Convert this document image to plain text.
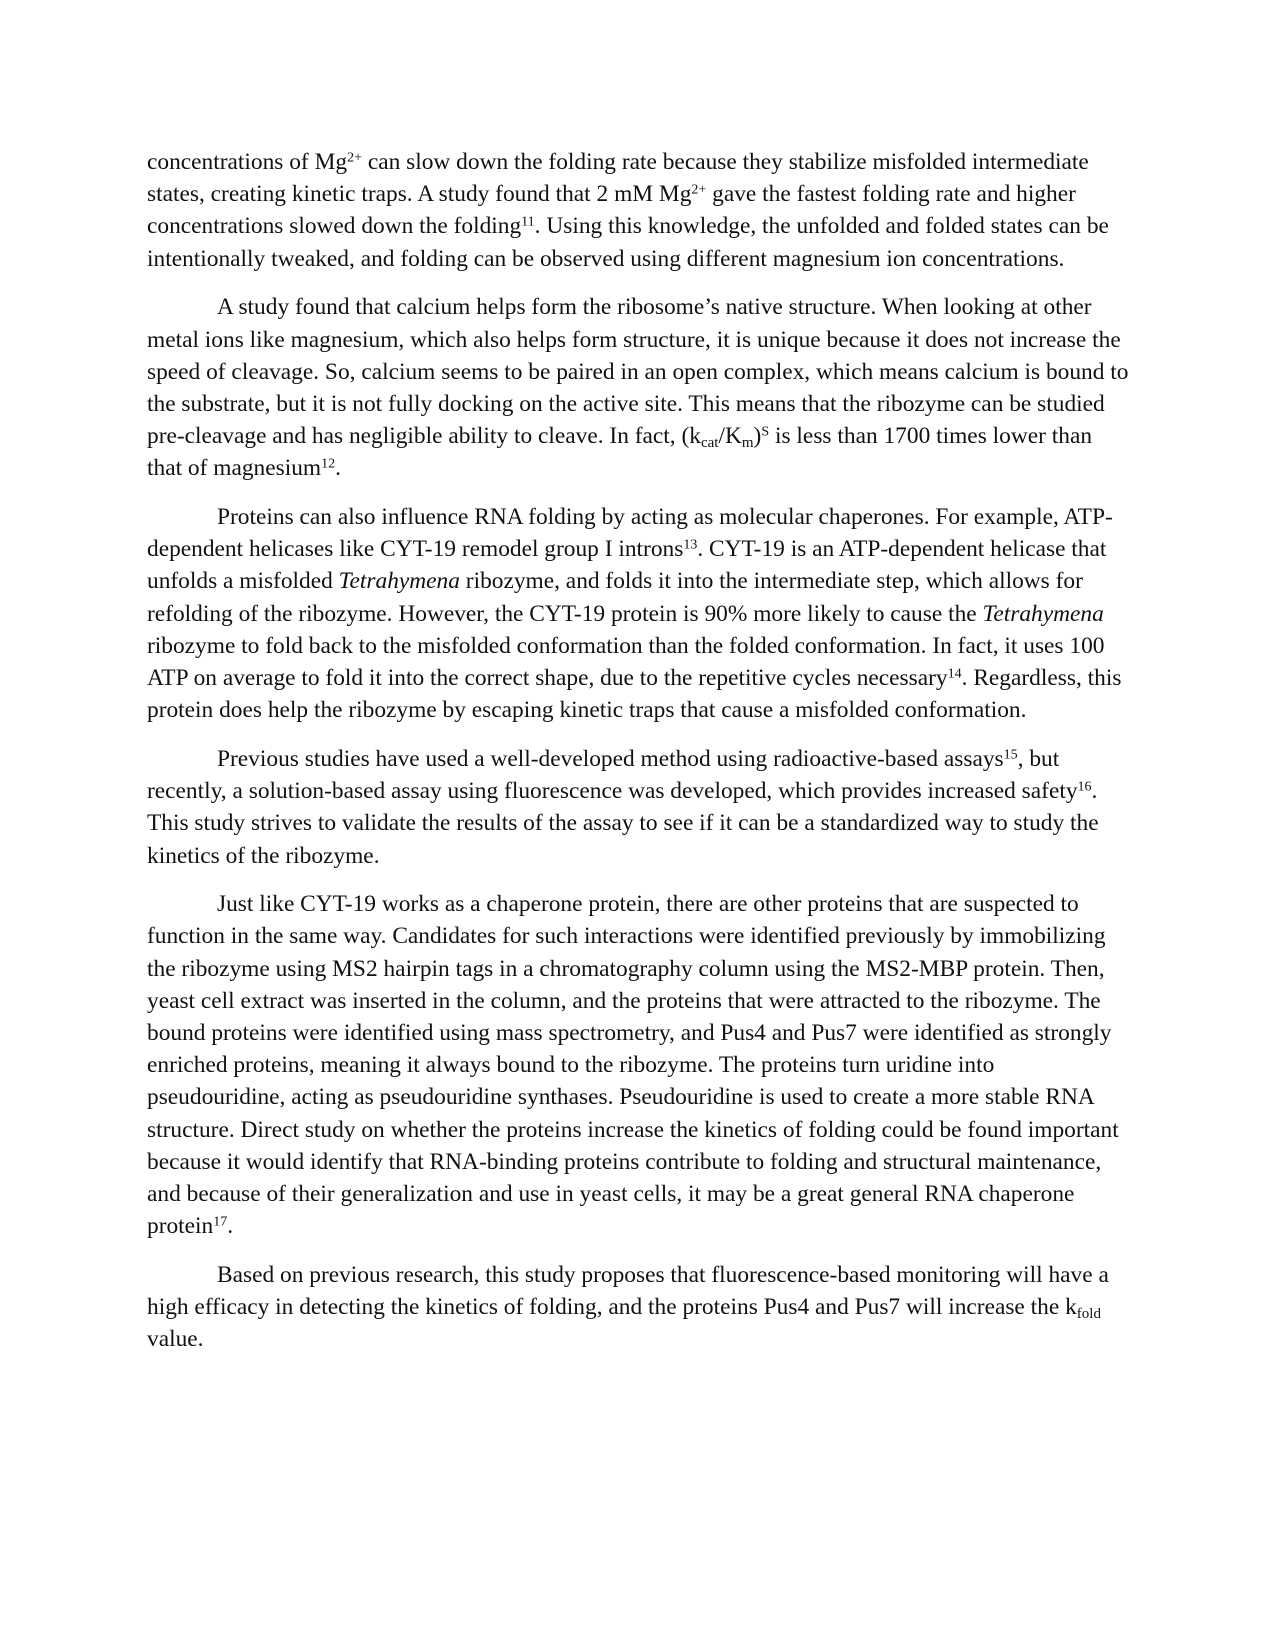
concentrations of $Mg^{2+}$ can slow down the folding rate because they stabilize misfolded intermediate states, creating kinetic traps. A study found that 2 mM $Mg^{2+}$ gave the fastest folding rate and higher concentrations slowed down the folding$^{11}$. Using this knowledge, the unfolded and folded states can be intentionally tweaked, and folding can be observed using different magnesium ion concentrations.

A study found that calcium helps form the ribosome’s native structure. When looking at other metal ions like magnesium, which also helps form structure, it is unique because it does not increase the speed of cleavage. So, calcium seems to be paired in an open complex, which means calcium is bound to the substrate, but it is not fully docking on the active site. This means that the ribozyme can be studied pre-cleavage and has negligible ability to cleave. In fact, $(k_{cat}/K_m)^S$ is less than 1700 times lower than that of magnesium$^{12}$.

Proteins can also influence RNA folding by acting as molecular chaperones. For example, ATP-dependent helicases like CYT-19 remodel group I introns$^{13}$. CYT-19 is an ATP-dependent helicase that unfolds a misfolded Tetrahymena ribozyme, and folds it into the intermediate step, which allows for refolding of the ribozyme. However, the CYT-19 protein is 90% more likely to cause the Tetrahymena ribozyme to fold back to the misfolded conformation than the folded conformation. In fact, it uses 100 ATP on average to fold it into the correct shape, due to the repetitive cycles necessary$^{14}$. Regardless, this protein does help the ribozyme by escaping kinetic traps that cause a misfolded conformation.

Previous studies have used a well-developed method using radioactive-based assays$^{15}$, but recently, a solution-based assay using fluorescence was developed, which provides increased safety$^{16}$. This study strives to validate the results of the assay to see if it can be a standardized way to study the kinetics of the ribozyme.

Just like CYT-19 works as a chaperone protein, there are other proteins that are suspected to function in the same way. Candidates for such interactions were identified previously by immobilizing the ribozyme using MS2 hairpin tags in a chromatography column using the MS2-MBP protein. Then, yeast cell extract was inserted in the column, and the proteins that were attracted to the ribozyme. The bound proteins were identified using mass spectrometry, and Pus4 and Pus7 were identified as strongly enriched proteins, meaning it always bound to the ribozyme. The proteins turn uridine into pseudouridine, acting as pseudouridine synthases. Pseudouridine is used to create a more stable RNA structure. Direct study on whether the proteins increase the kinetics of folding could be found important because it would identify that RNA-binding proteins contribute to folding and structural maintenance, and because of their generalization and use in yeast cells, it may be a great general RNA chaperone protein$^{17}$.

Based on previous research, this study proposes that fluorescence-based monitoring will have a high efficacy in detecting the kinetics of folding, and the proteins Pus4 and Pus7 will increase the $k_{fold}$ value.
